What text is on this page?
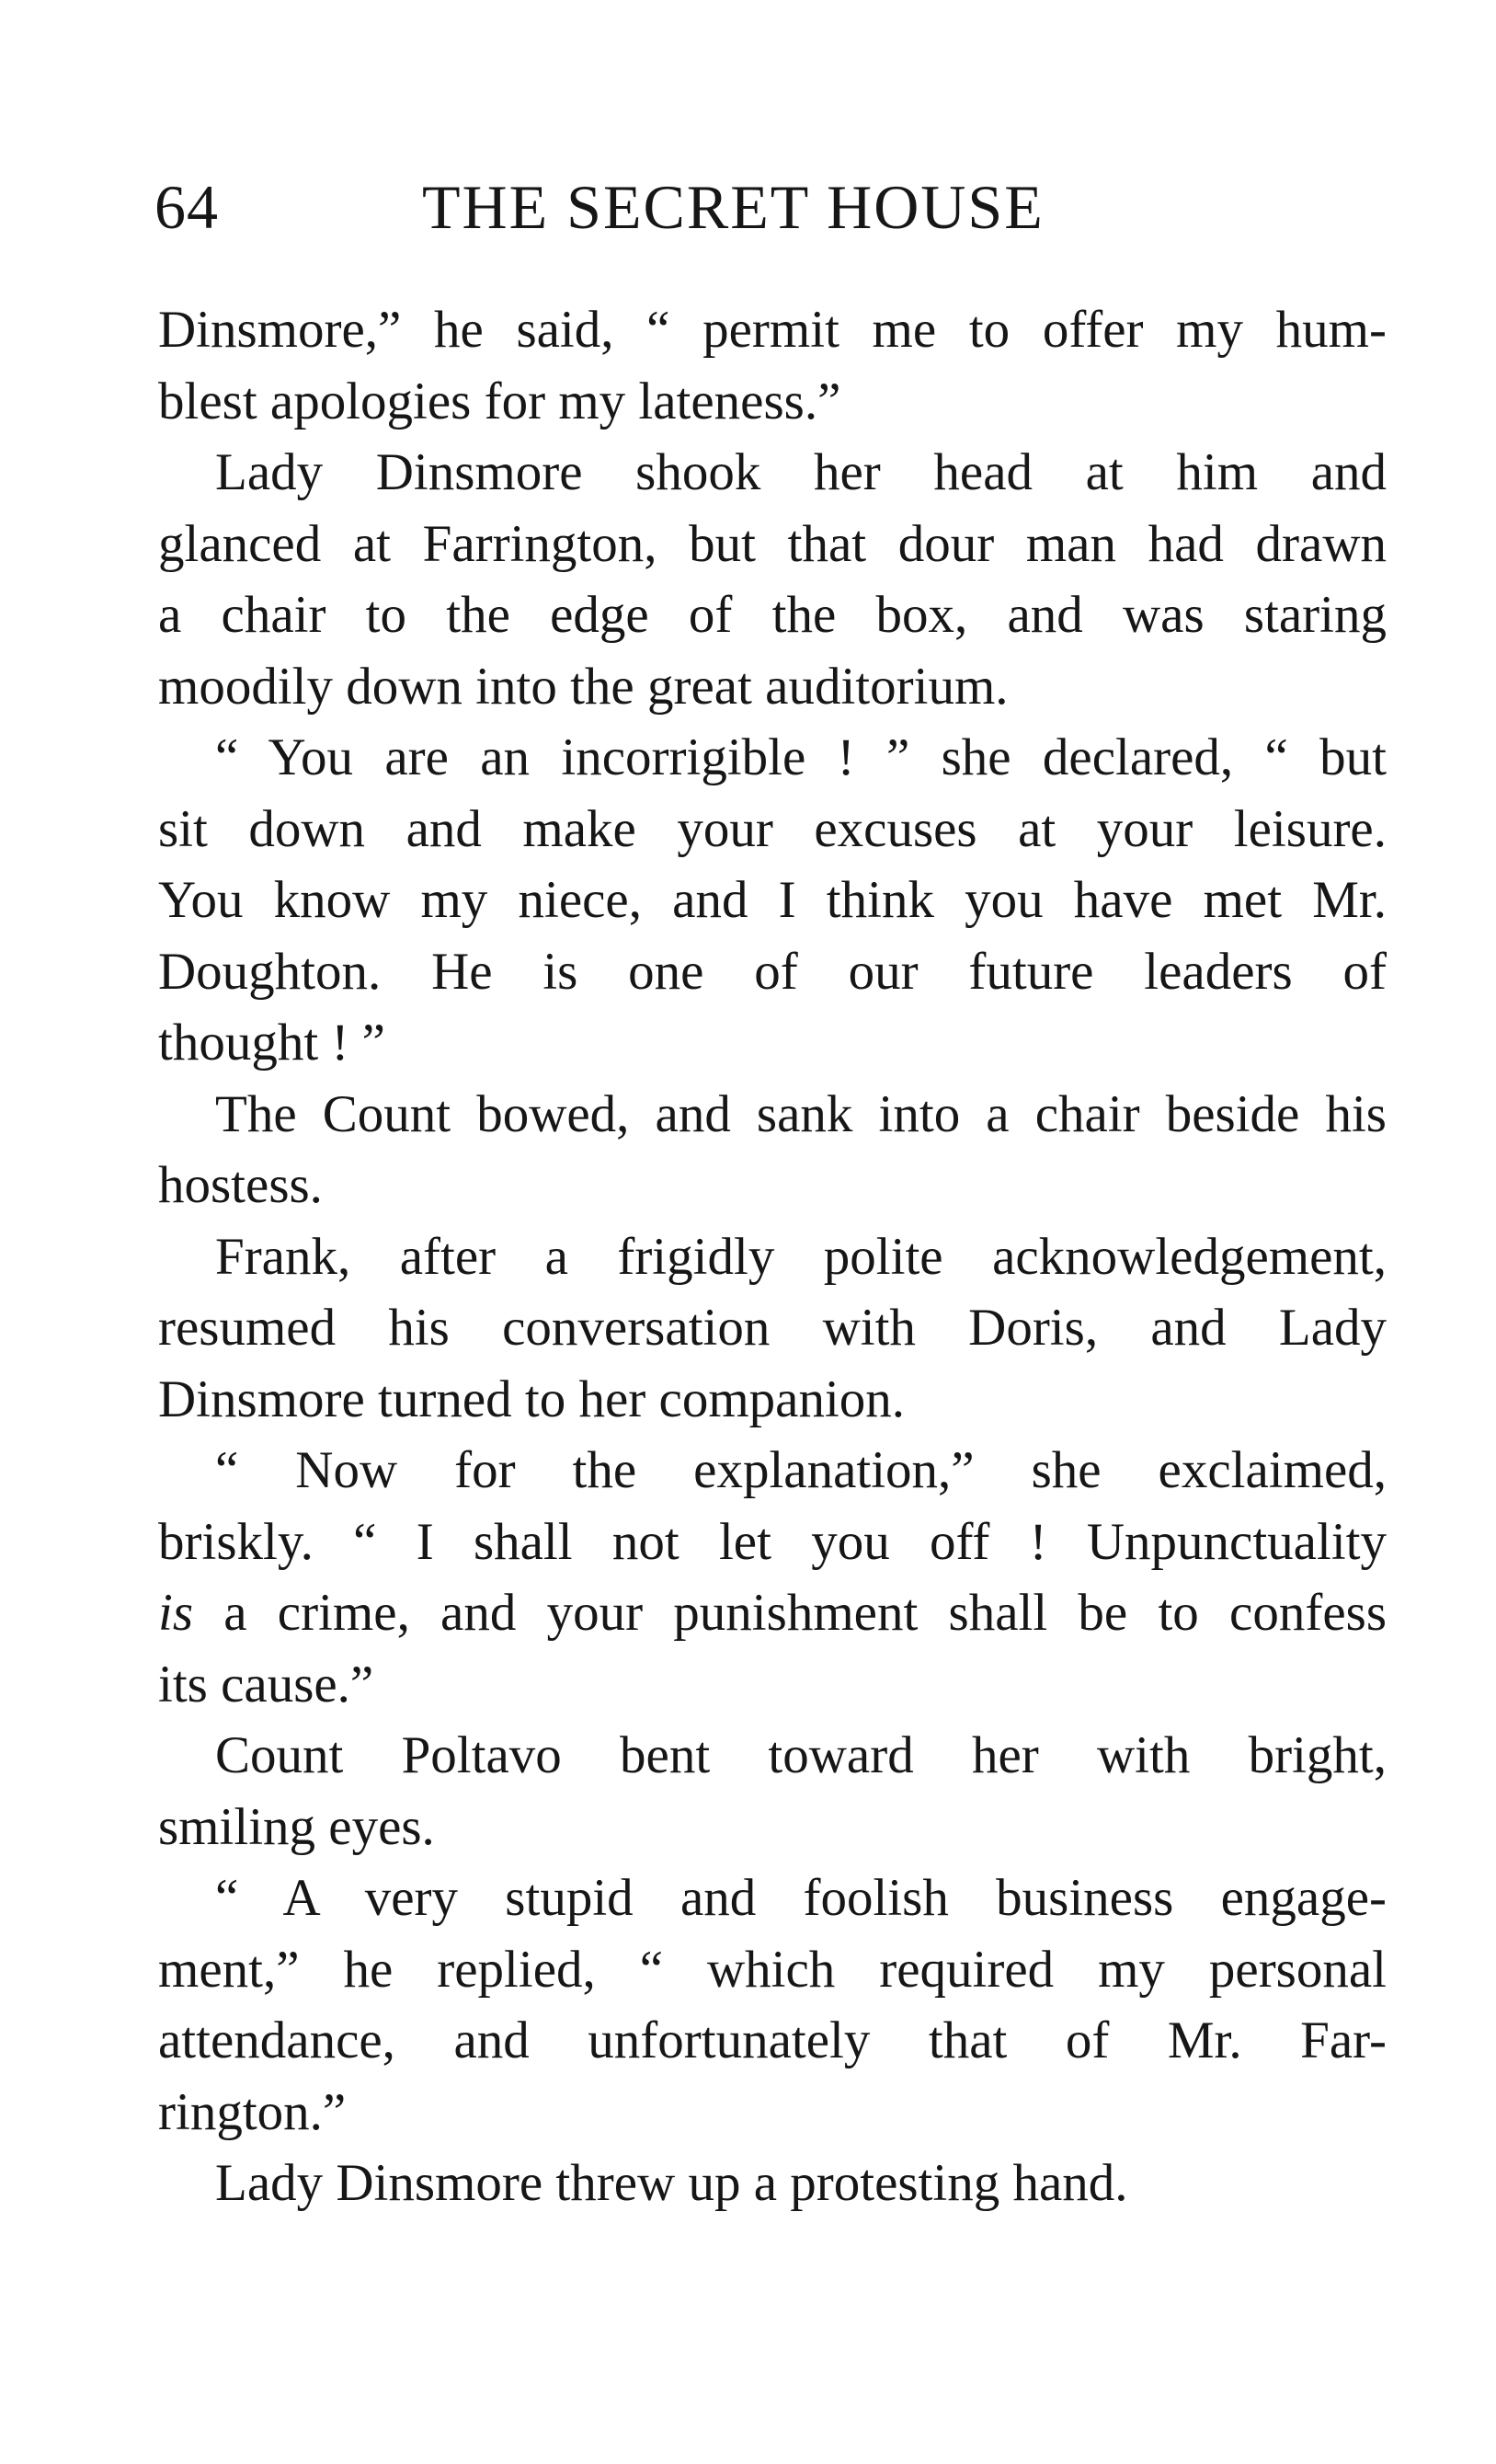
64	THE SECRET HOUSE
Dinsmore,” he said, “ permit me to offer my hum-
blest apologies for my lateness.”
Lady Dinsmore shook her head at him and
glanced at Farrington, but that dour man had drawn
a chair to the edge of the box, and was staring
moodily down into the great auditorium.
“ You are an incorrigible ! ” she declared, “ but
sit down and make your excuses at your leisure.
You know my niece, and I think you have met Mr.
Doughton. He is one of our future leaders of
thought ! ”
The Count bowed, and sank into a chair beside his
hostess.
Frank, after a frigidly polite acknowledgement,
resumed his conversation with Doris, and Lady
Dinsmore turned to her companion.
“ Now for the explanation,” she exclaimed,
briskly. “ I shall not let you off ! Unpunctuality
is a crime, and your punishment shall be to confess
its cause.”
Count Poltavo bent toward her with bright,
smiling eyes.
“ A very stupid and foolish business engage-
ment,” he replied, “ which required my personal
attendance, and unfortunately that of Mr. Far-
rington.”
Lady Dinsmore threw up a protesting hand.
